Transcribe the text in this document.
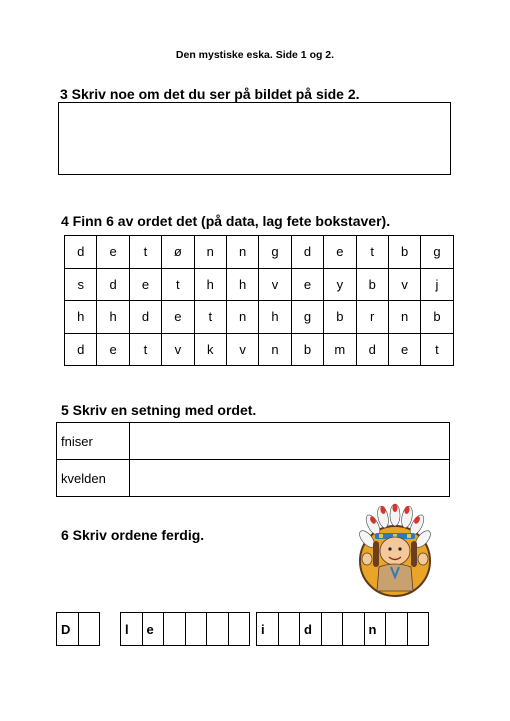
Den mystiske eska. Side 1 og 2.
3 Skriv noe om det du ser på bildet på side 2.
4 Finn 6 av ordet det (på data, lag fete bokstaver).
d	e	t	ø	n	n	g	d	e	t	b	g
s	d	e	t	h	h	v	e	y	b	v	j
h	h	d	e	t	n	h	g	b	r	n	b
d	e	t	v	k	v	n	b	m	d	e	t
5 Skriv en setning med ordet.
fniser	
kvelden	
6 Skriv ordene ferdig.
D	l	e	i	d	n
